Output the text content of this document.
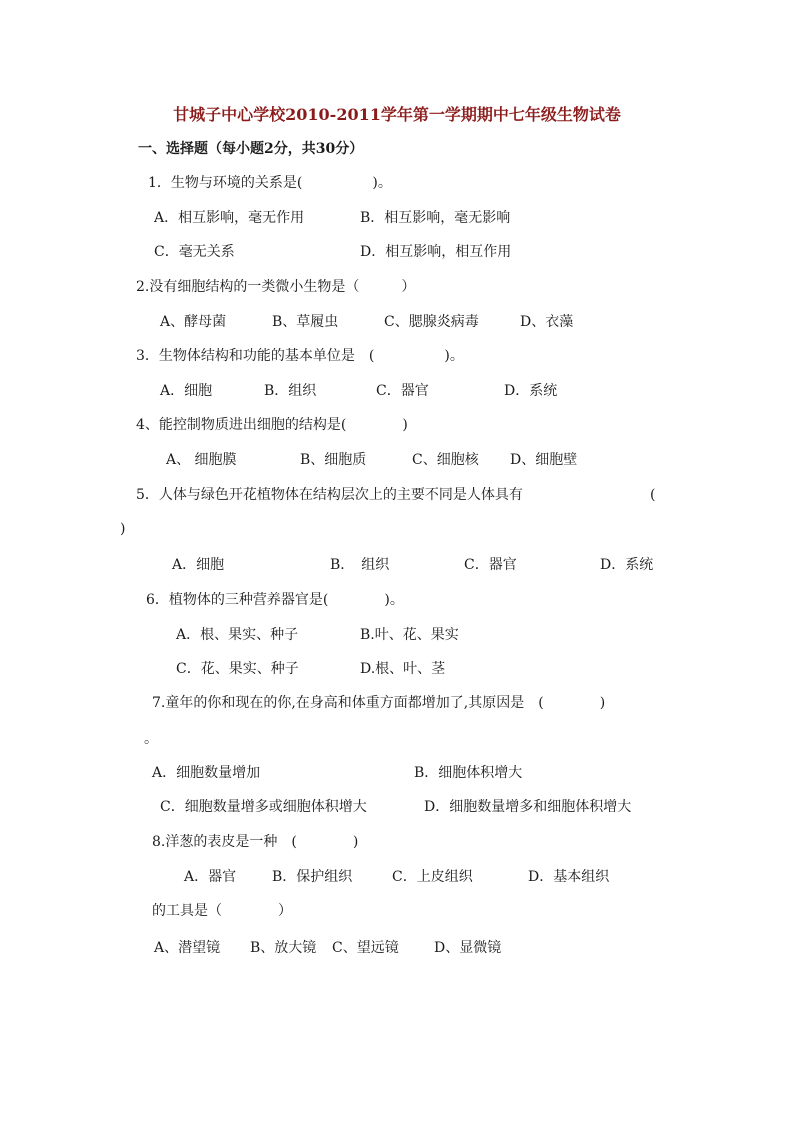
甘城子中心学校2010-2011学年第一学期期中七年级生物试卷
一、选择题（每小题2分，共30分）
1．生物与环境的关系是(　　　　　)。
A．相互影响，毫无作用	B．相互影响，毫无影响
C．毫无关系	D．相互影响，相互作用
2.没有细胞结构的一类微小生物是（　　　）
A、酵母菌	B、草履虫	C、腮腺炎病毒	D、衣藻
3．生物体结构和功能的基本单位是　(　　　　　)。
A．细胞	B．组织	C．器官	D．系统
4、能控制物质进出细胞的结构是(　　　　)
A、 细胞膜	B、细胞质	C、细胞核 D、细胞壁
5．人体与绿色开花植物体在结构层次上的主要不同是人体具有	(
)
A．细胞	B．　组织	C．器官	D．系统
6．植物体的三种营养器官是(　　　　)。
A．根、果实、种子	B.叶、花、果实
C．花、果实、种子	D.根、叶、茎
7.童年的你和现在的你,在身高和体重方面都增加了,其原因是　(　　　　)
。
A．细胞数量增加	B．细胞体积增大
C．细胞数量增多或细胞体积增大	D．细胞数量增多和细胞体积增大
8.洋葱的表皮是一种　(　　　　)
A．器官	B．保护组织	C．上皮组织	D．基本组织
的工具是（　　　　）
A、潜望镜 B、放大镜 C、望远镜	D、显微镜
